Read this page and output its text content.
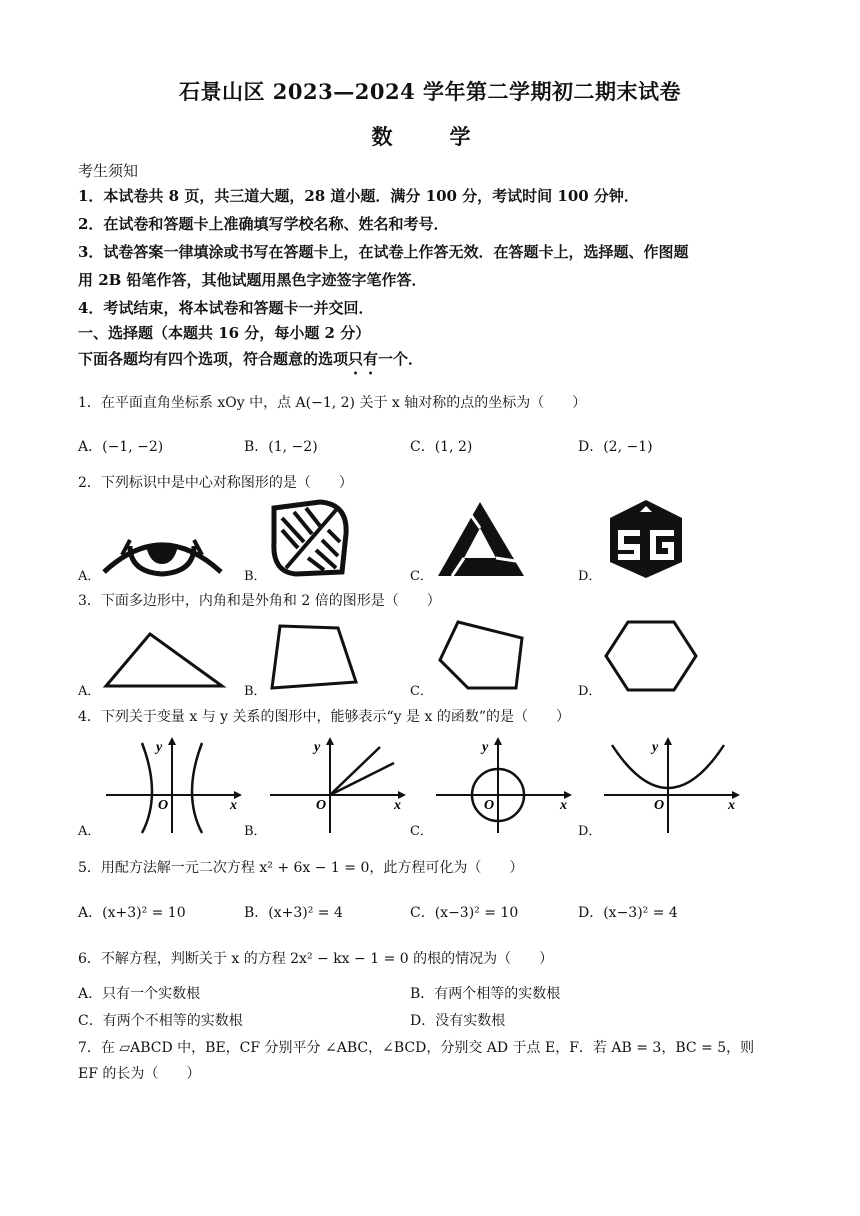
石景山区 2023—2024 学年第二学期初二期末试卷
数　学
考生须知
1．本试卷共 8 页，共三道大题，28 道小题．满分 100 分，考试时间 100 分钟．
2．在试卷和答题卡上准确填写学校名称、姓名和考号．
3．试卷答案一律填涂或书写在答题卡上，在试卷上作答无效．在答题卡上，选择题、作图题
用 2B 铅笔作答，其他试题用黑色字迹签字笔作答．
4．考试结束，将本试卷和答题卡一并交回．
一、选择题（本题共 16 分，每小题 2 分）
下面各题均有四个选项，符合题意的选项只有一个．
1．在平面直角坐标系 xOy 中，点 A(−1, 2) 关于 x 轴对称的点的坐标为（　　）
A．(−1, −2)	B．(1, −2)	C．(1, 2)	D．(2, −1)
2．下列标识中是中心对称图形的是（　　）
A．	B．	C．	D．
3．下面多边形中，内角和是外角和 2 倍的图形是（　　）
A．	B．	C．	D．
4．下列关于变量 x 与 y 关系的图形中，能够表示“y 是 x 的函数”的是（　　）
A．	B．	C．	D．
y
x
O
y
x
O
y
x
O
y
x
O
5．用配方法解一元二次方程 x² + 6x − 1 = 0，此方程可化为（　　）
A．(x+3)² = 10	B．(x+3)² = 4	C．(x−3)² = 10	D．(x−3)² = 4
6．不解方程，判断关于 x 的方程 2x² − kx − 1 = 0 的根的情况为（　　）
A．只有一个实数根	B．有两个相等的实数根
C．有两个不相等的实数根	D．没有实数根
7．在 ▱ABCD 中，BE，CF 分别平分 ∠ABC，∠BCD，分别交 AD 于点 E，F．若 AB = 3，BC = 5，则
EF 的长为（　　）
